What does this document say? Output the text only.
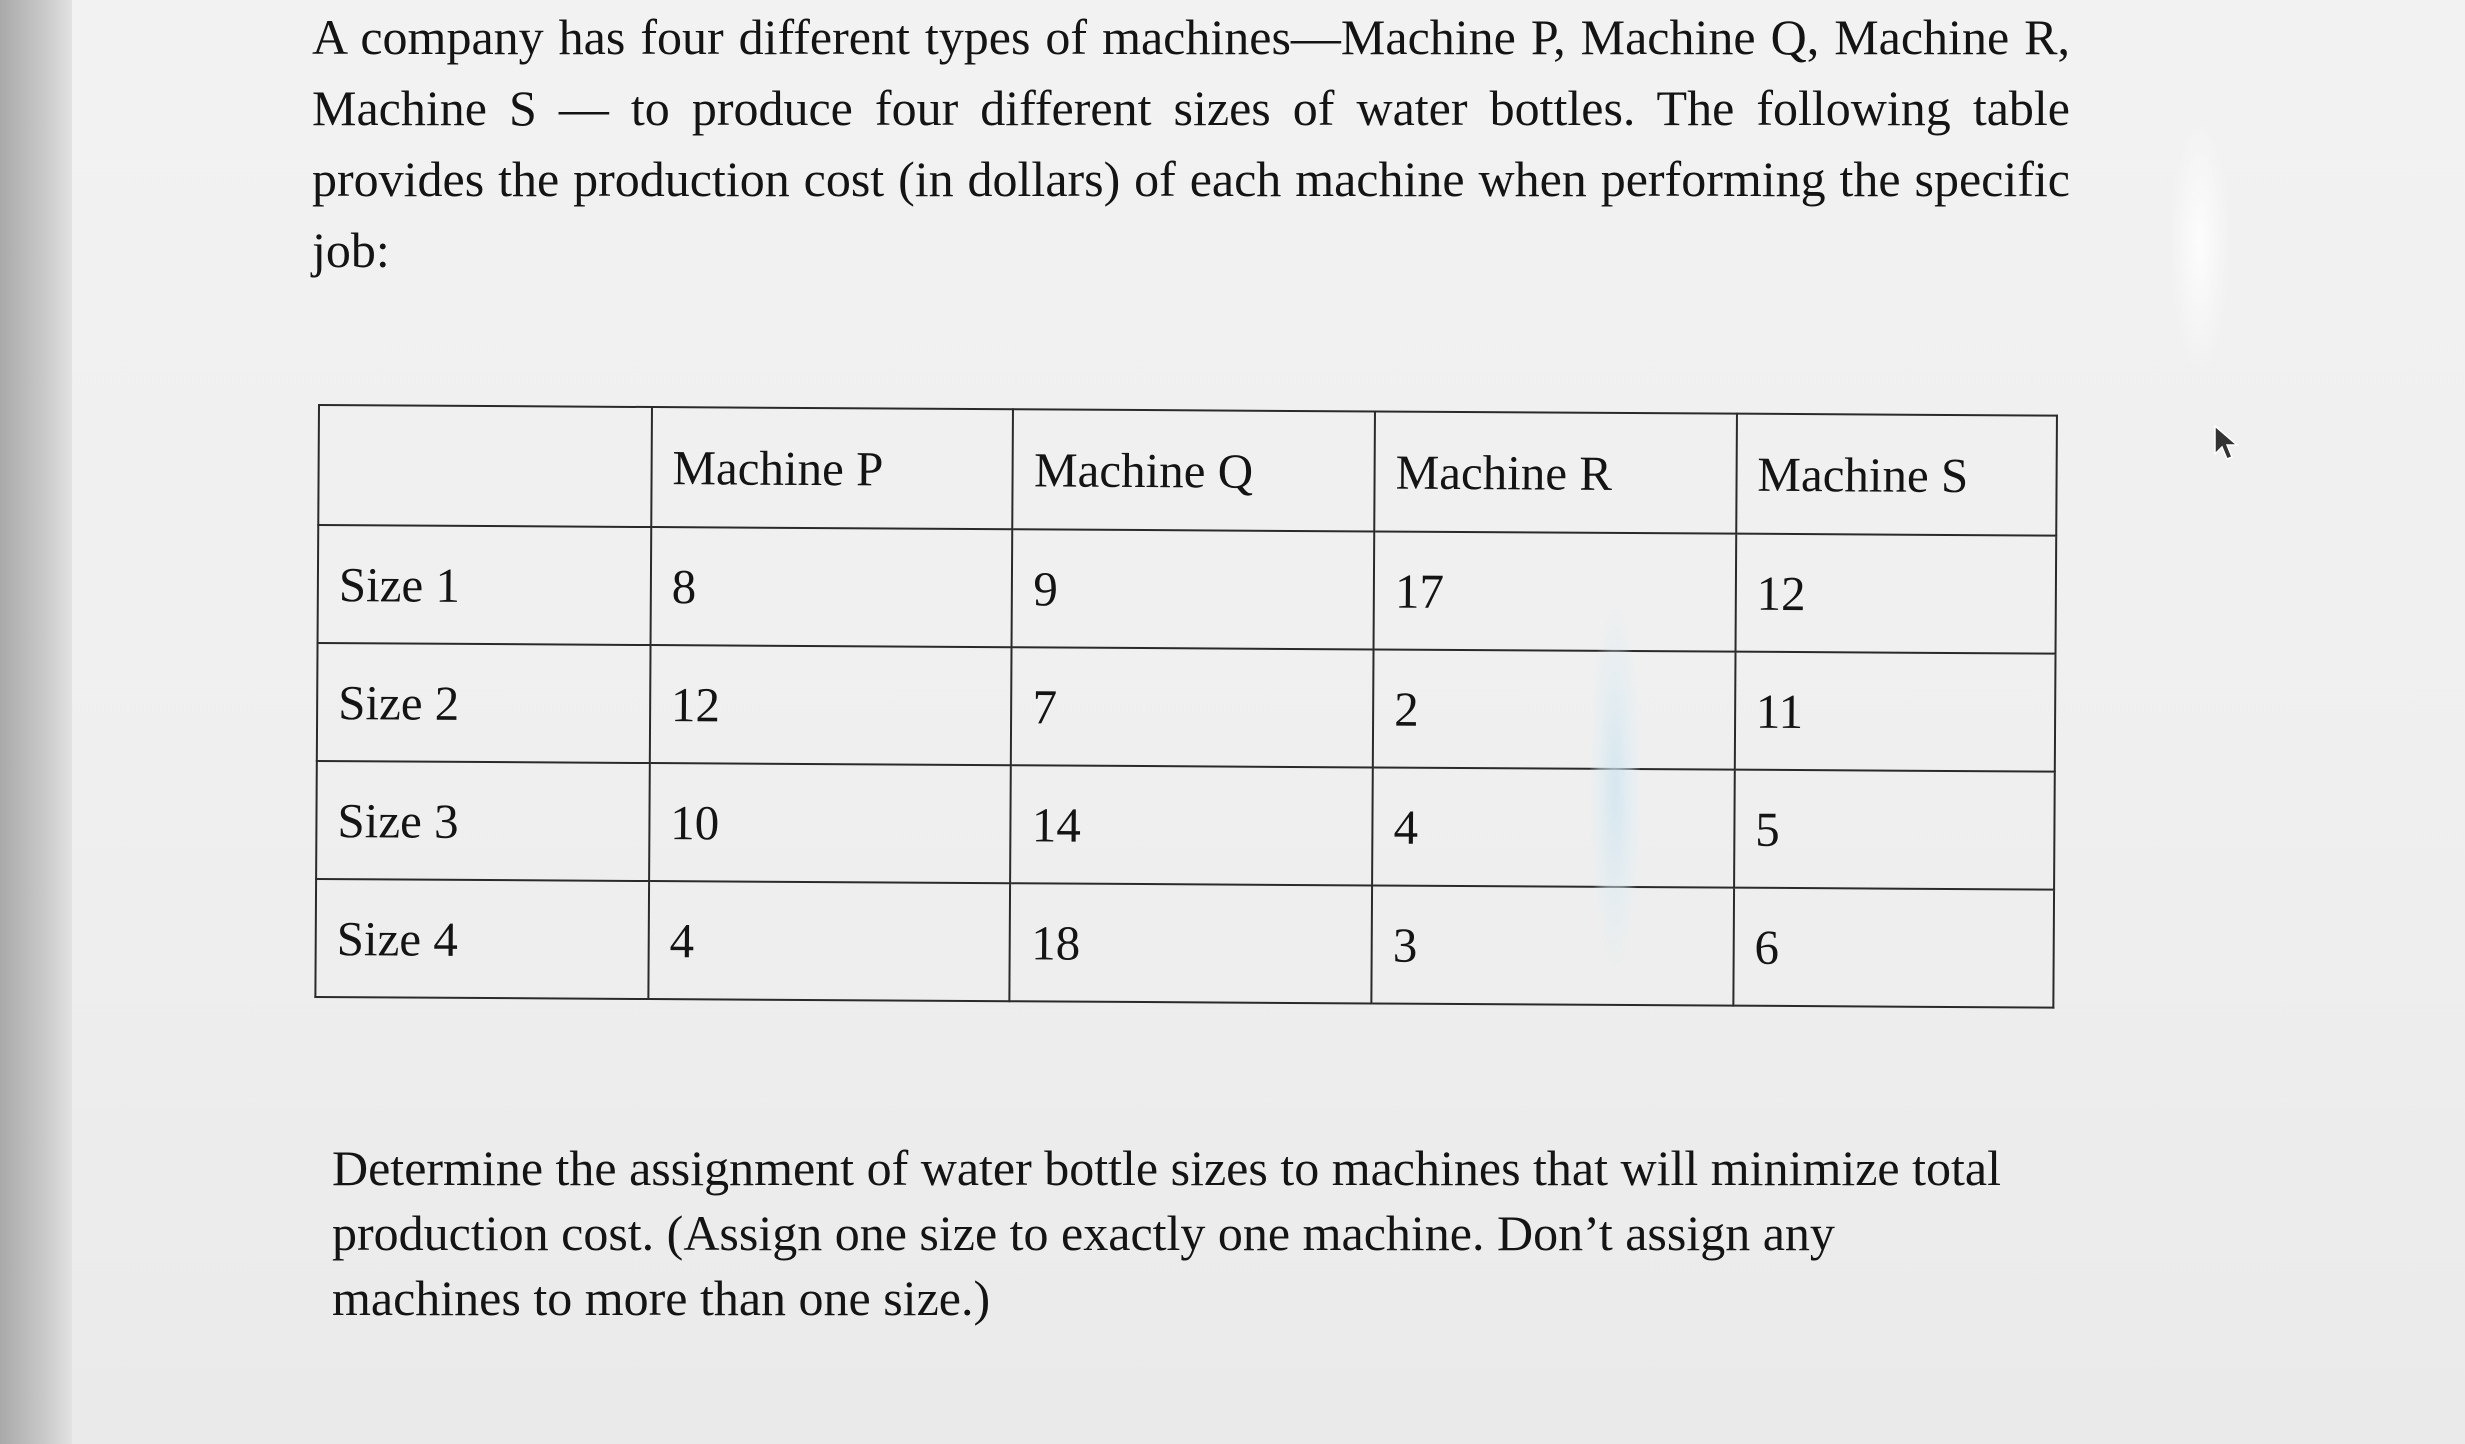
A company has four different types of machines—Machine P, Machine Q, Machine R, Machine S — to produce four different sizes of water bottles. The following table provides the production cost (in dollars) of each machine when performing the specific job:

	Machine P	Machine Q	Machine R	Machine S
Size 1	8	9	17	12
Size 2	12	7	2	11
Size 3	10	14	4	5
Size 4	4	18	3	6

Determine the assignment of water bottle sizes to machines that will minimize total production cost. (Assign one size to exactly one machine. Don’t assign any machines to more than one size.)
